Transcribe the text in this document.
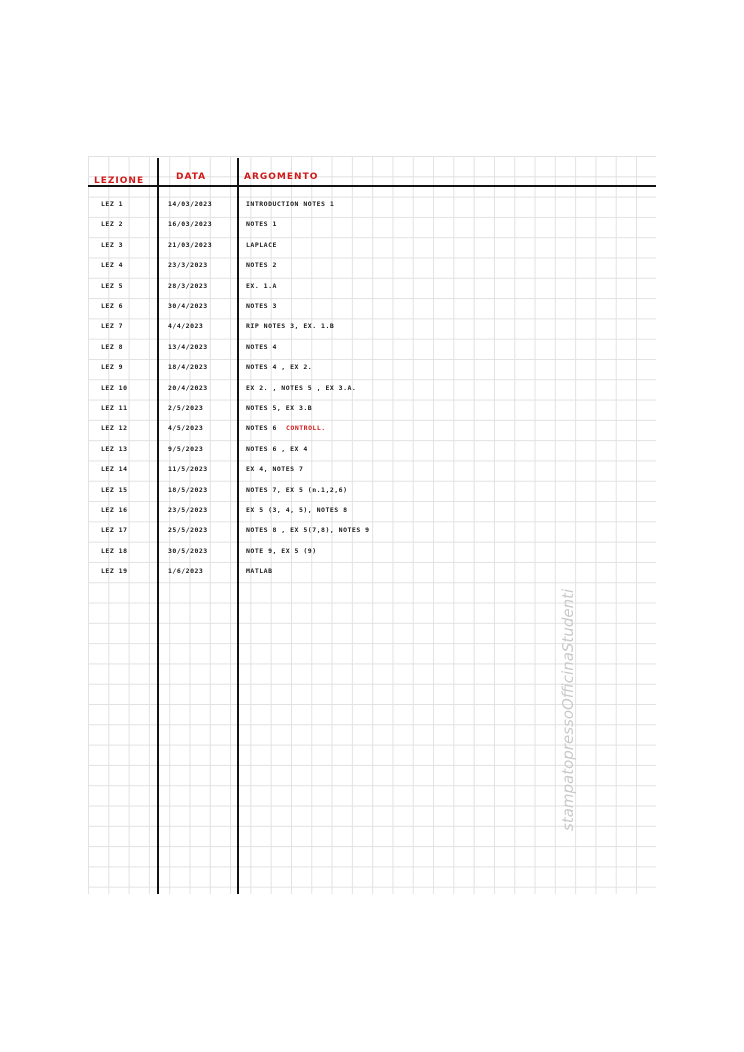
LEZIONE	DATA	ARGOMENTO
LEZ 1	14/03/2023	INTRODUCTION NOTES 1
LEZ 2	16/03/2023	NOTES 1
LEZ 3	21/03/2023	LAPLACE
LEZ 4	23/3/2023	NOTES 2
LEZ 5	28/3/2023	EX. 1.A
LEZ 6	30/4/2023	NOTES 3
LEZ 7	4/4/2023	RIP NOTES 3, EX. 1.B
LEZ 8	13/4/2023	NOTES 4
LEZ 9	18/4/2023	NOTES 4 , EX 2.
LEZ 10	20/4/2023	EX 2. , NOTES 5 , EX 3.A.
LEZ 11	2/5/2023	NOTES 5, EX 3.B
LEZ 12	4/5/2023	NOTES 6 CONTROLL.
LEZ 13	9/5/2023	NOTES 6 , EX 4
LEZ 14	11/5/2023	EX 4, NOTES 7
LEZ 15	18/5/2023	NOTES 7, EX 5 (n.1,2,6)
LEZ 16	23/5/2023	EX 5 (3, 4, 5), NOTES 8
LEZ 17	25/5/2023	NOTES 8 , EX 5(7,8), NOTES 9
LEZ 18	30/5/2023	NOTE 9, EX 5 (9)
LEZ 19	1/6/2023	MATLAB
stampatopressoOfficinaStudenti
